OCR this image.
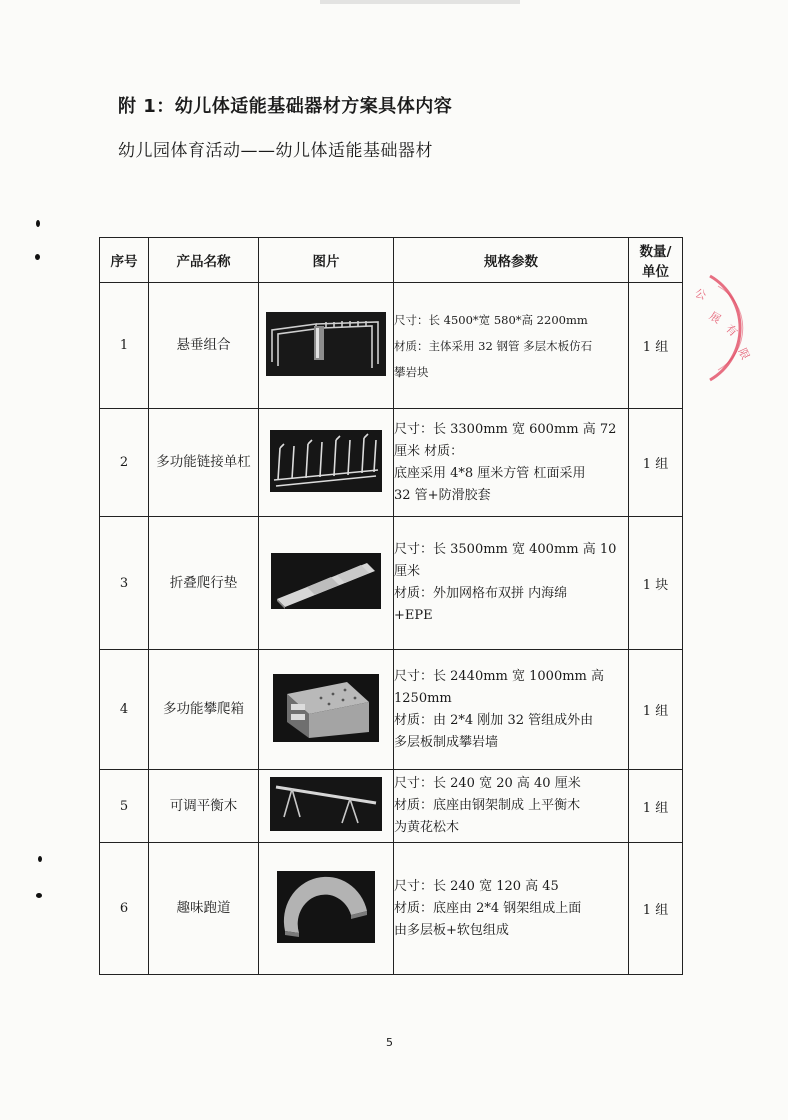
附 1：幼儿体适能基础器材方案具体内容
幼儿园体育活动——幼儿体适能基础器材
公
展
有
限
序号	产品名称	图片	规格参数	数量/
单位
1	悬垂组合		尺寸：长 4500*宽 580*高 2200mm
材质：主体采用 32 钢管 多层木板仿石
攀岩块	1 组
2	多功能链接单杠		尺寸：长 3300mm 宽 600mm 高 72
厘米 材质：
底座采用 4*8 厘米方管 杠面采用
32 管+防滑胶套	1 组
3	折叠爬行垫		尺寸：长 3500mm 宽 400mm 高 10
厘米
材质：外加网格布双拼 内海绵
+EPE	1 块
4	多功能攀爬箱		尺寸：长 2440mm 宽 1000mm 高
1250mm
材质：由 2*4 刚加 32 管组成外由
多层板制成攀岩墙	1 组
5	可调平衡木		尺寸：长 240 宽 20 高 40 厘米
材质：底座由钢架制成 上平衡木
为黄花松木	1 组
6	趣味跑道		尺寸：长 240 宽 120 高 45
材质：底座由 2*4 钢架组成上面
由多层板+软包组成	1 组
5
